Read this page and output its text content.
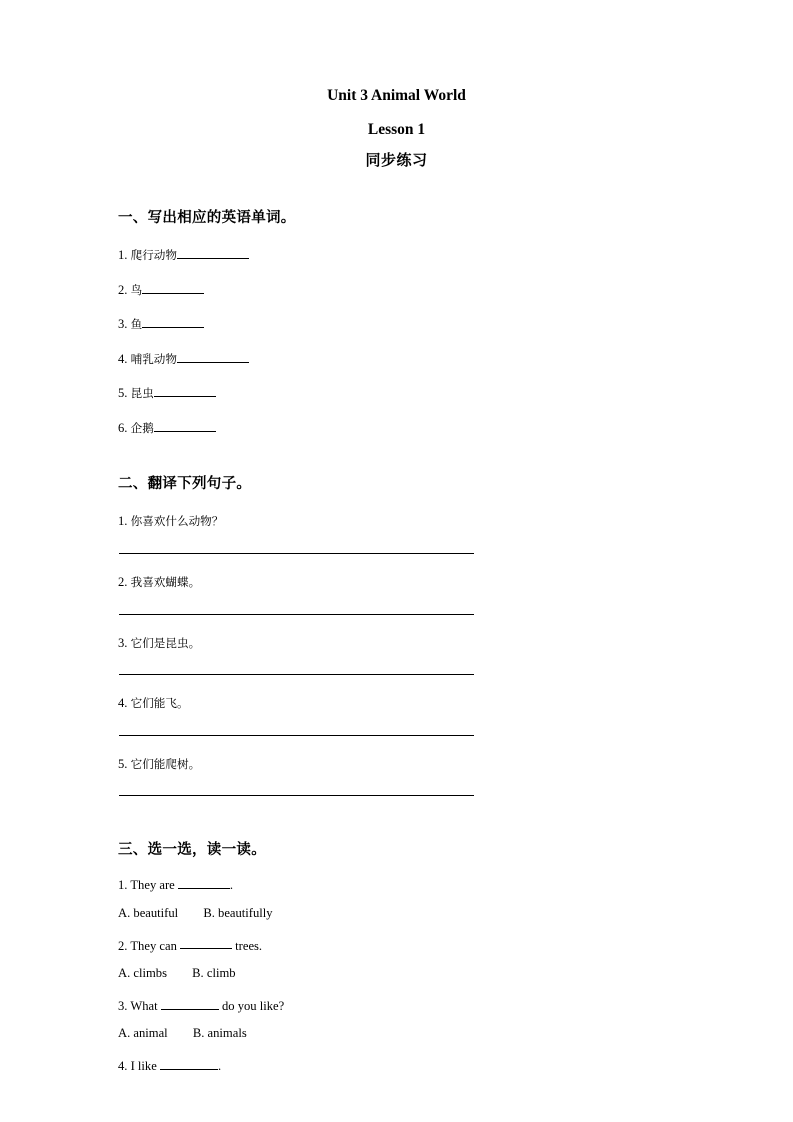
Unit 3 Animal World
Lesson 1
同步练习
一、写出相应的英语单词。
1. 爬行动物
2. 鸟
3. 鱼
4. 哺乳动物
5. 昆虫
6. 企鹅
二、翻译下列句子。
1. 你喜欢什么动物？
2. 我喜欢蝴蝶。
3. 它们是昆虫。
4. 它们能飞。
5. 它们能爬树。
三、选一选，读一读。
1. They are	.
A. beautiful        B. beautifully
2. They can	trees.
A. climbs        B. climb
3. What	do you like?
A. animal        B. animals
4. I like	.
